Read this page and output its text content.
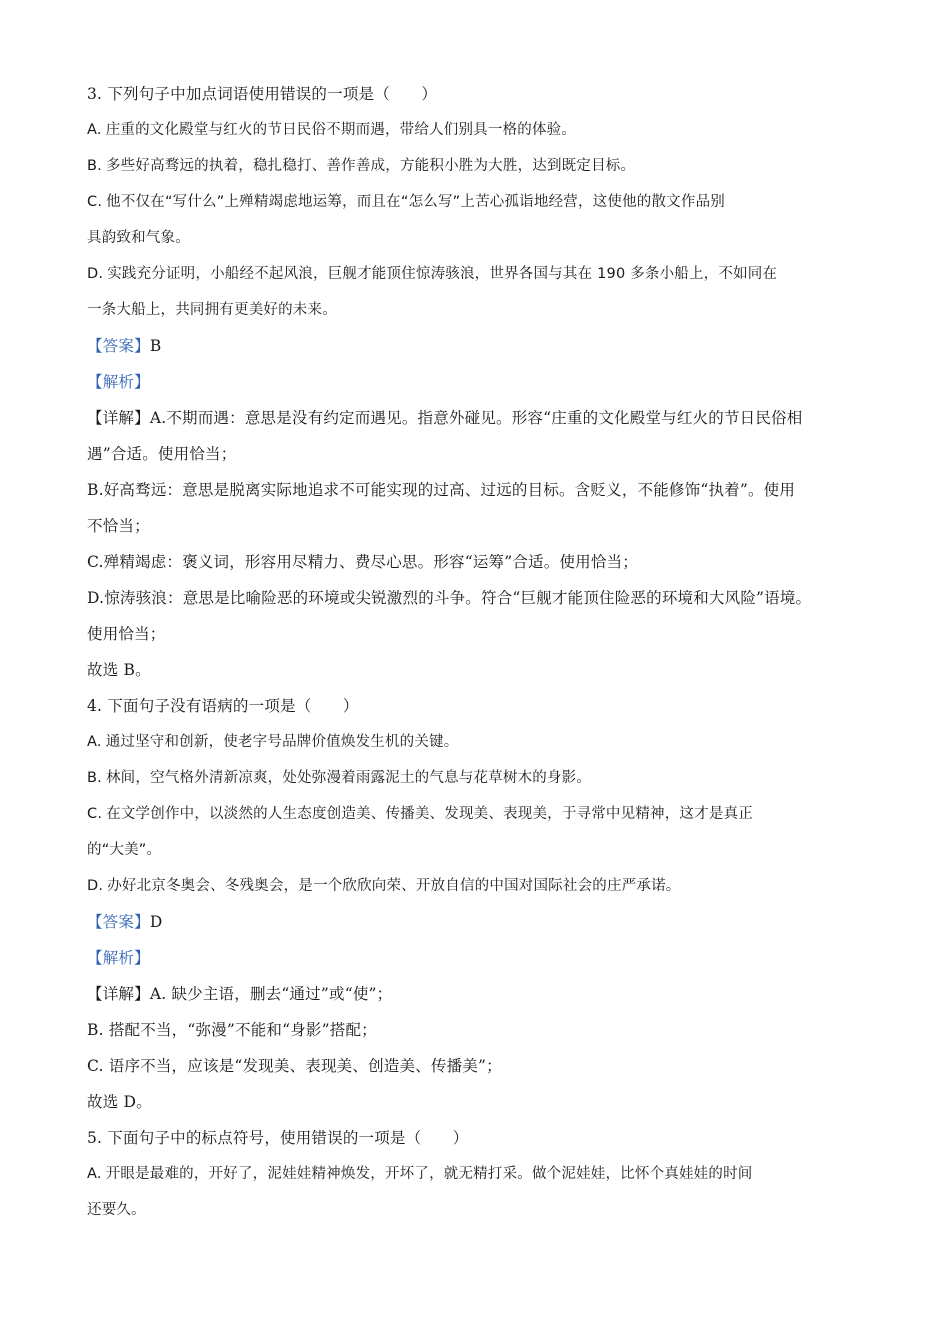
3. 下列句子中加点词语使用错误的一项是（　　）
A. 庄重的文化殿堂与红火的节日民俗不期而遇，带给人们别具一格的体验。
B. 多些好高骛远的执着，稳扎稳打、善作善成，方能积小胜为大胜，达到既定目标。
C. 他不仅在“写什么”上殚精竭虑地运筹，而且在“怎么写”上苦心孤诣地经营，这使他的散文作品别
具韵致和气象。
D. 实践充分证明，小船经不起风浪，巨舰才能顶住惊涛骇浪，世界各国与其在 190 多条小船上，不如同在
一条大船上，共同拥有更美好的未来。
【答案】B
【解析】
【详解】A.不期而遇：意思是没有约定而遇见。指意外碰见。形容“庄重的文化殿堂与红火的节日民俗相
遇”合适。使用恰当；
B.好高骛远：意思是脱离实际地追求不可能实现的过高、过远的目标。含贬义，不能修饰“执着”。使用
不恰当；
C.殚精竭虑：褒义词，形容用尽精力、费尽心思。形容“运筹”合适。使用恰当；
D.惊涛骇浪：意思是比喻险恶的环境或尖锐激烈的斗争。符合“巨舰才能顶住险恶的环境和大风险”语境。
使用恰当；
故选 B。
4. 下面句子没有语病的一项是（　　）
A. 通过坚守和创新，使老字号品牌价值焕发生机的关键。
B. 林间，空气格外清新凉爽，处处弥漫着雨露泥土的气息与花草树木的身影。
C. 在文学创作中，以淡然的人生态度创造美、传播美、发现美、表现美，于寻常中见精神，这才是真正
的“大美”。
D. 办好北京冬奥会、冬残奥会，是一个欣欣向荣、开放自信的中国对国际社会的庄严承诺。
【答案】D
【解析】
【详解】A. 缺少主语，删去“通过”或“使”；
B. 搭配不当，“弥漫”不能和“身影”搭配；
C. 语序不当，应该是“发现美、表现美、创造美、传播美”；
故选 D。
5. 下面句子中的标点符号，使用错误的一项是（　　）
A. 开眼是最难的，开好了，泥娃娃精神焕发，开坏了，就无精打采。做个泥娃娃，比怀个真娃娃的时间
还要久。
